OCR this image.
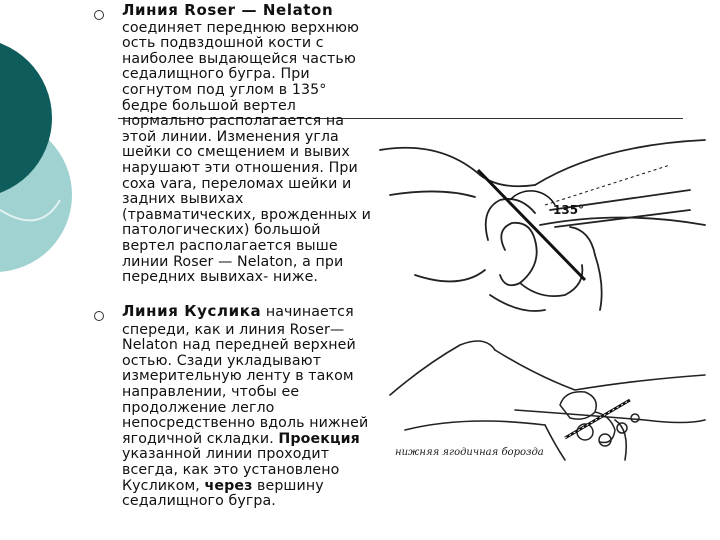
135°
нижняя ягодичная борозда
Линия Roser — Nelaton
соединяет переднюю верхнюю
ость подвздошной кости с
наиболее выдающейся частью
седалищного бугра. При
согнутом под углом в 135°
бедре большой вертел
нормально располагается на
этой линии. Изменения угла
шейки со смещением и вывих
нарушают эти отношения. При
coxa vara, переломах шейки и
задних вывихах
(травматических, врожденных и
патологических) большой
вертел располагается выше
линии Roser — Nelaton, а при
передних вывихах- ниже.
Линия Куслика начинается
спереди, как и линия Roser—
Nelaton над передней верхней
остью. Сзади укладывают
измерительную ленту в таком
направлении, чтобы ее
продолжение легло
непосредственно вдоль нижней
ягодичной складки. Проекция
указанной линии проходит
всегда, как это установлено
Кусликом, через вершину
седалищного бугра.
